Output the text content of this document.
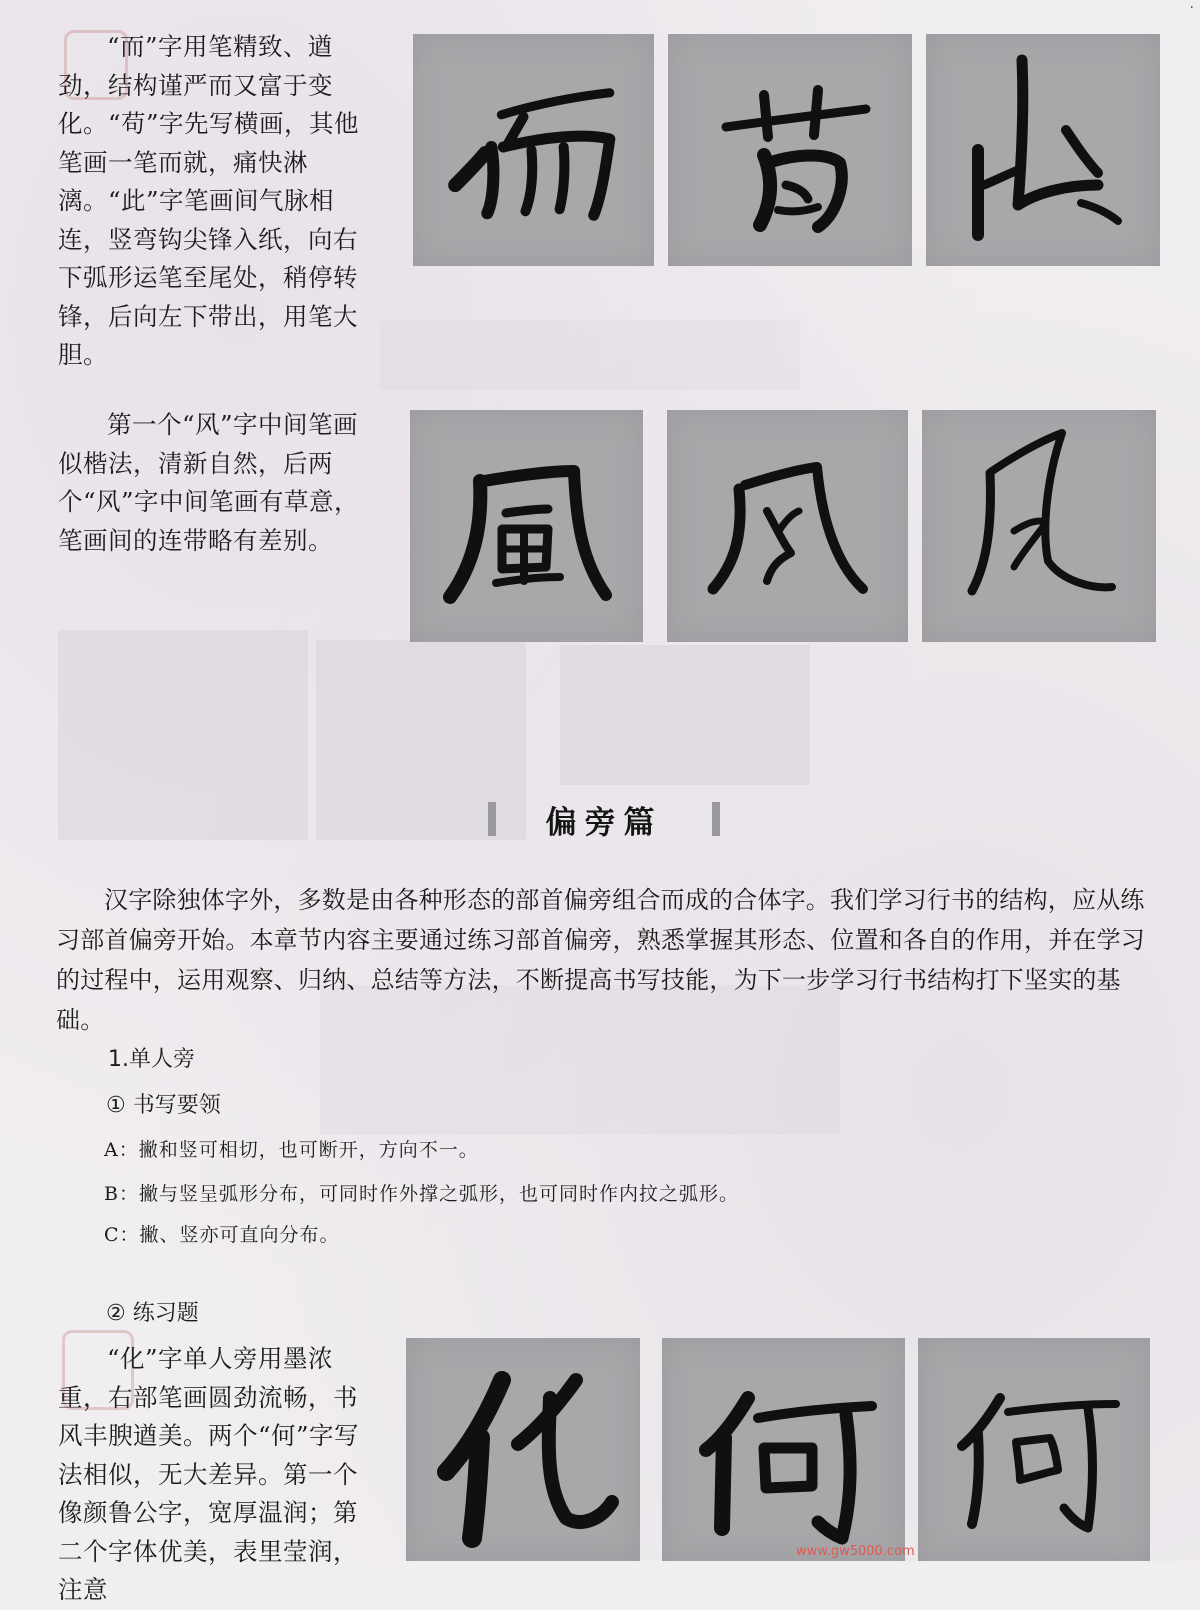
·

“而”字用笔精致、遒劲，结构谨严而又富于变化。“苟”字先写横画，其他笔画一笔而就，痛快淋漓。“此”字笔画间气脉相连，竖弯钩尖锋入纸，向右下弧形运笔至尾处，稍停转锋，后向左下带出，用笔大胆。

第一个“风”字中间笔画似楷法，清新自然，后两个“风”字中间笔画有草意，笔画间的连带略有差别。

偏旁篇

汉字除独体字外，多数是由各种形态的部首偏旁组合而成的合体字。我们学习行书的结构，应从练习部首偏旁开始。本章节内容主要通过练习部首偏旁，熟悉掌握其形态、位置和各自的作用，并在学习的过程中，运用观察、归纳、总结等方法，不断提高书写技能，为下一步学习行书结构打下坚实的基础。

1.单人旁
① 书写要领
A：撇和竖可相切，也可断开，方向不一。
B：撇与竖呈弧形分布，可同时作外撑之弧形，也可同时作内抆之弧形。
C：撇、竖亦可直向分布。
② 练习题

“化”字单人旁用墨浓重，右部笔画圆劲流畅，书风丰腴遒美。两个“何”字写法相似，无大差异。第一个像颜鲁公字，宽厚温润；第二个字体优美，表里莹润，注意

www.gw5000.com
